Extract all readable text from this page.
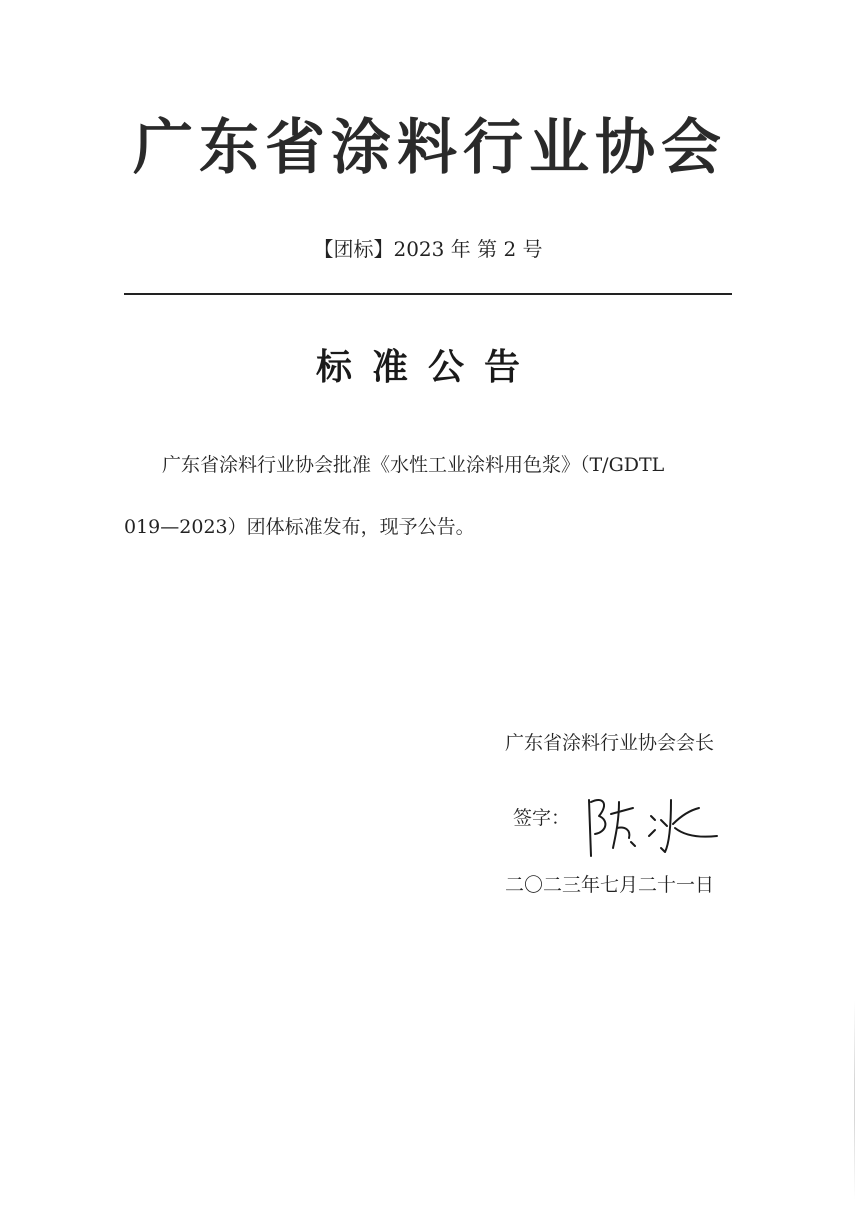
广东省涂料行业协会
【团标】2023 年 第 2 号
标准公告
广东省涂料行业协会批准《水性工业涂料用色浆》（T/GDTL
019—2023）团体标准发布，现予公告。
广东省涂料行业协会会长
签字：
二〇二三年七月二十一日
